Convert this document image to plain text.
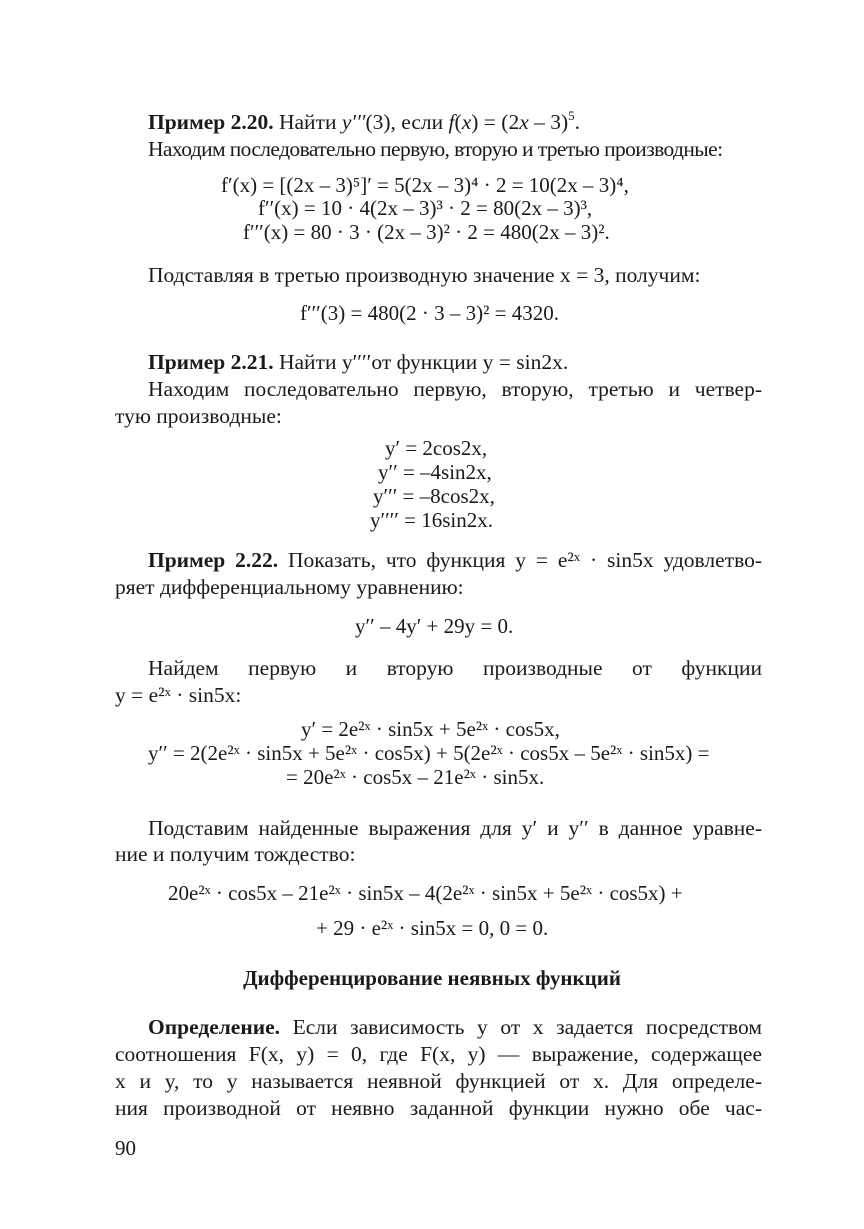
Пример 2.20. Найти y′′′(3), если f(x) = (2x – 3)$^5$.
Находим последовательно первую, вторую и третью производные:
f′(x) = [(2x – 3)⁵]′ = 5(2x – 3)⁴ · 2 = 10(2x – 3)⁴,
f′′(x) = 10 · 4(2x – 3)³ · 2 = 80(2x – 3)³,
f′′′(x) = 80 · 3 · (2x – 3)² · 2 = 480(2x – 3)².
Подставляя в третью производную значение x = 3, получим:
f′′′(3) = 480(2 · 3 – 3)² = 4320.
Пример 2.21. Найти y′′′′от функции y = sin2x.
Находим последовательно первую, вторую, третью и четвер-
тую производные:
y′ = 2cos2x,
y′′ = –4sin2x,
y′′′ = –8cos2x,
y′′′′ = 16sin2x.
Пример 2.22. Показать, что функция y = e²ˣ · sin5x удовлетво-
ряет дифференциальному уравнению:
y′′ – 4y′ + 29y = 0.
Найдем первую и вторую производные от функции
y = e²ˣ · sin5x:
y′ = 2e²ˣ · sin5x + 5e²ˣ · cos5x,
y′′ = 2(2e²ˣ · sin5x + 5e²ˣ · cos5x) + 5(2e²ˣ · cos5x – 5e²ˣ · sin5x) =
= 20e²ˣ · cos5x – 21e²ˣ · sin5x.
Подставим найденные выражения для y′ и y′′ в данное уравне-
ние и получим тождество:
20e²ˣ · cos5x – 21e²ˣ · sin5x – 4(2e²ˣ · sin5x + 5e²ˣ · cos5x) +
+ 29 · e²ˣ · sin5x = 0, 0 = 0.
Дифференцирование неявных функций
Определение. Если зависимость y от x задается посредством
соотношения F(x, y) = 0, где F(x, y) — выражение, содержащее
x и y, то y называется неявной функцией от x. Для определе-
ния производной от неявно заданной функции нужно обе час-
90
